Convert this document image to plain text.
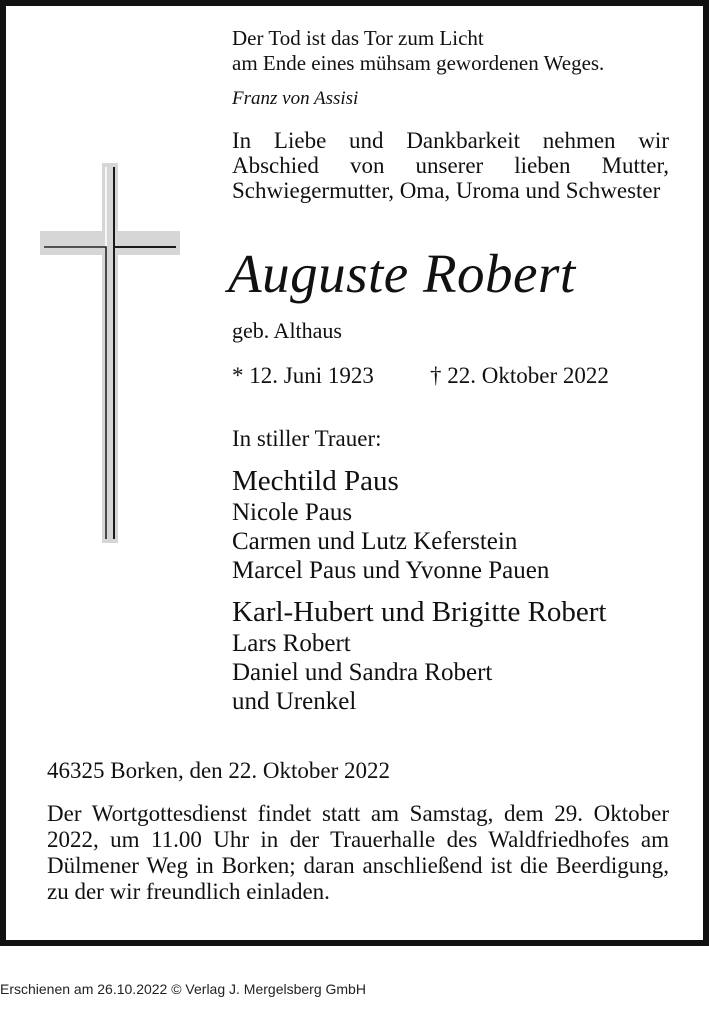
Der Tod ist das Tor zum Licht
am Ende eines mühsam gewordenen Weges.
Franz von Assisi
In Liebe und Dankbarkeit nehmen wir Abschied von unserer lieben Mutter, Schwiegermutter, Oma, Uroma und Schwester
Auguste Robert
geb. Althaus
* 12. Juni 1923 † 22. Oktober 2022
In stiller Trauer:
Mechtild Paus
Nicole Paus
Carmen und Lutz Keferstein
Marcel Paus und Yvonne Pauen
Karl-Hubert und Brigitte Robert
Lars Robert
Daniel und Sandra Robert
und Urenkel
46325 Borken, den 22. Oktober 2022
Der Wortgottesdienst findet statt am Samstag, dem 29. Oktober 2022, um 11.00 Uhr in der Trauerhalle des Waldfriedhofes am Dülmener Weg in Borken; daran anschließend ist die Beerdigung, zu der wir freundlich einladen.
Erschienen am 26.10.2022 © Verlag J. Mergelsberg GmbH
